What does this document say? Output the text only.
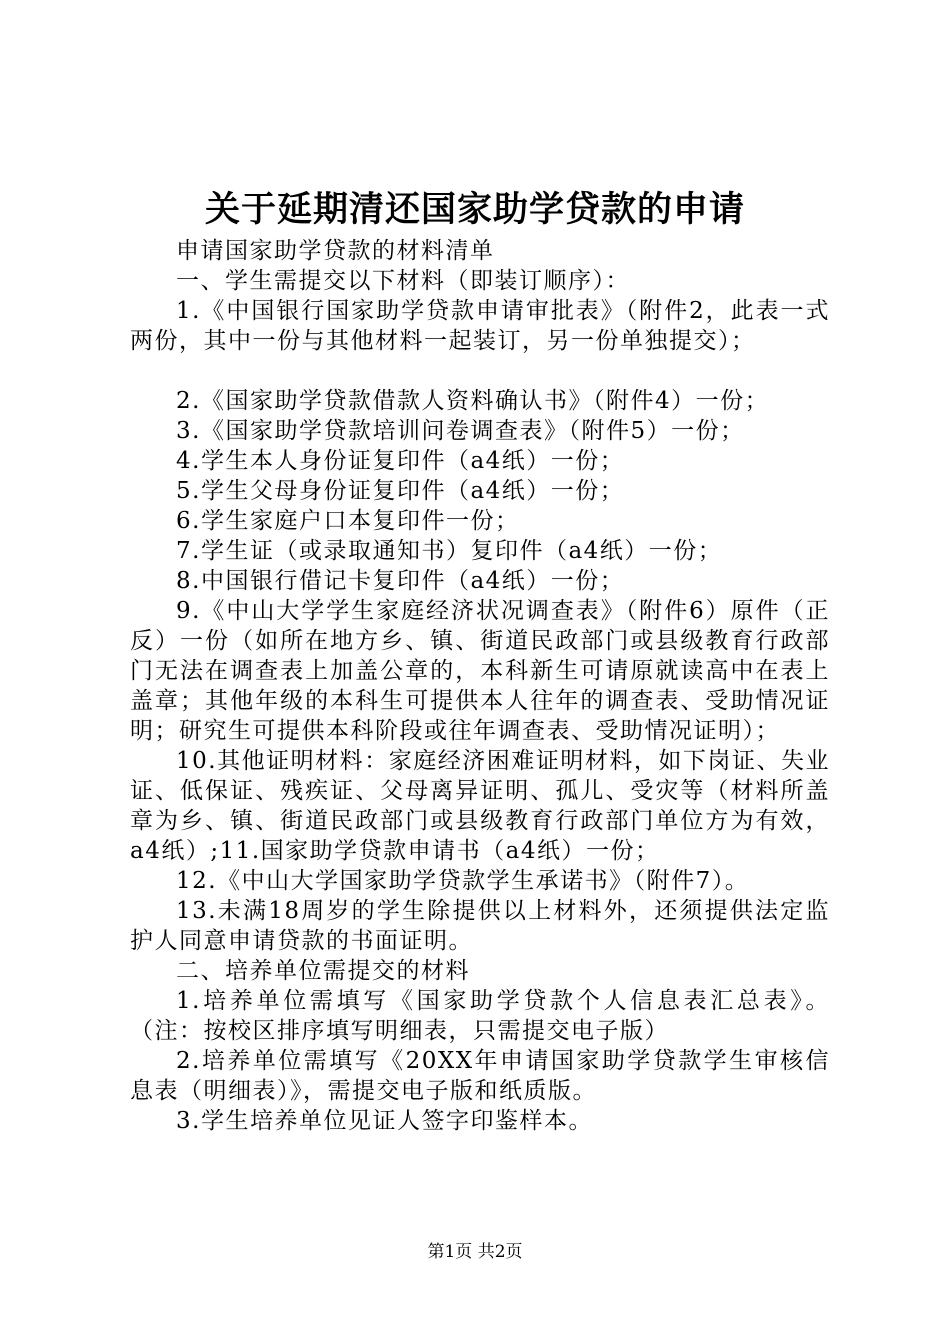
关于延期清还国家助学贷款的申请

申请国家助学贷款的材料清单

一、学生需提交以下材料（即装订顺序）：

1.《中国银行国家助学贷款申请审批表》（附件2，此表一式两份，其中一份与其他材料一起装订，另一份单独提交）；

2.《国家助学贷款借款人资料确认书》（附件4）一份；

3.《国家助学贷款培训问卷调查表》（附件5）一份；

4.学生本人身份证复印件（a4纸）一份；

5.学生父母身份证复印件（a4纸）一份；

6.学生家庭户口本复印件一份；

7.学生证（或录取通知书）复印件（a4纸）一份；

8.中国银行借记卡复印件（a4纸）一份；

9.《中山大学学生家庭经济状况调查表》（附件6）原件（正反）一份（如所在地方乡、镇、街道民政部门或县级教育行政部门无法在调查表上加盖公章的，本科新生可请原就读高中在表上盖章；其他年级的本科生可提供本人往年的调查表、受助情况证明；研究生可提供本科阶段或往年调查表、受助情况证明）；

10.其他证明材料：家庭经济困难证明材料，如下岗证、失业证、低保证、残疾证、父母离异证明、孤儿、受灾等（材料所盖章为乡、镇、街道民政部门或县级教育行政部门单位方为有效，a4纸）;11.国家助学贷款申请书（a4纸）一份；

12.《中山大学国家助学贷款学生承诺书》（附件7）。

13.未满18周岁的学生除提供以上材料外，还须提供法定监护人同意申请贷款的书面证明。

二、培养单位需提交的材料

1.培养单位需填写《国家助学贷款个人信息表汇总表》。（注：按校区排序填写明细表，只需提交电子版）

2.培养单位需填写《20XX年申请国家助学贷款学生审核信息表（明细表）》，需提交电子版和纸质版。

3.学生培养单位见证人签字印鉴样本。

第1页 共2页
